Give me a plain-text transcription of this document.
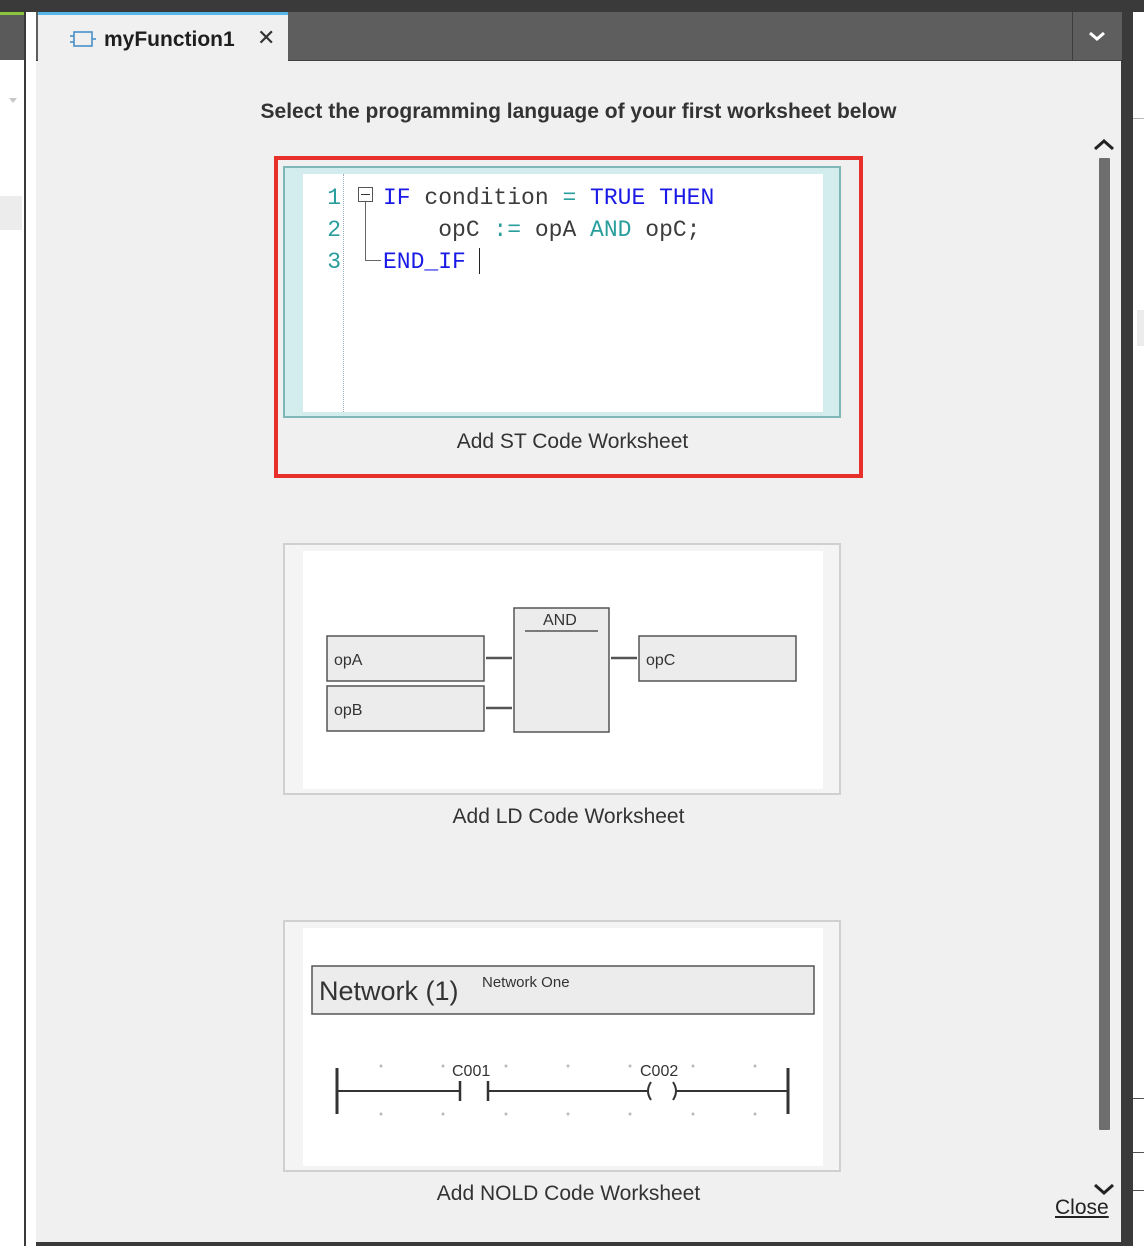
myFunction1 ✕
Select the programming language of your first worksheet below
1
2
3
IF condition = TRUE THEN
opC := opA AND opC;
END_IF
Add ST Code Worksheet
opA
opB
AND
opC
Add LD Code Worksheet
Network (1) Network One
C001	C002
Add NOLD Code Worksheet
Close
